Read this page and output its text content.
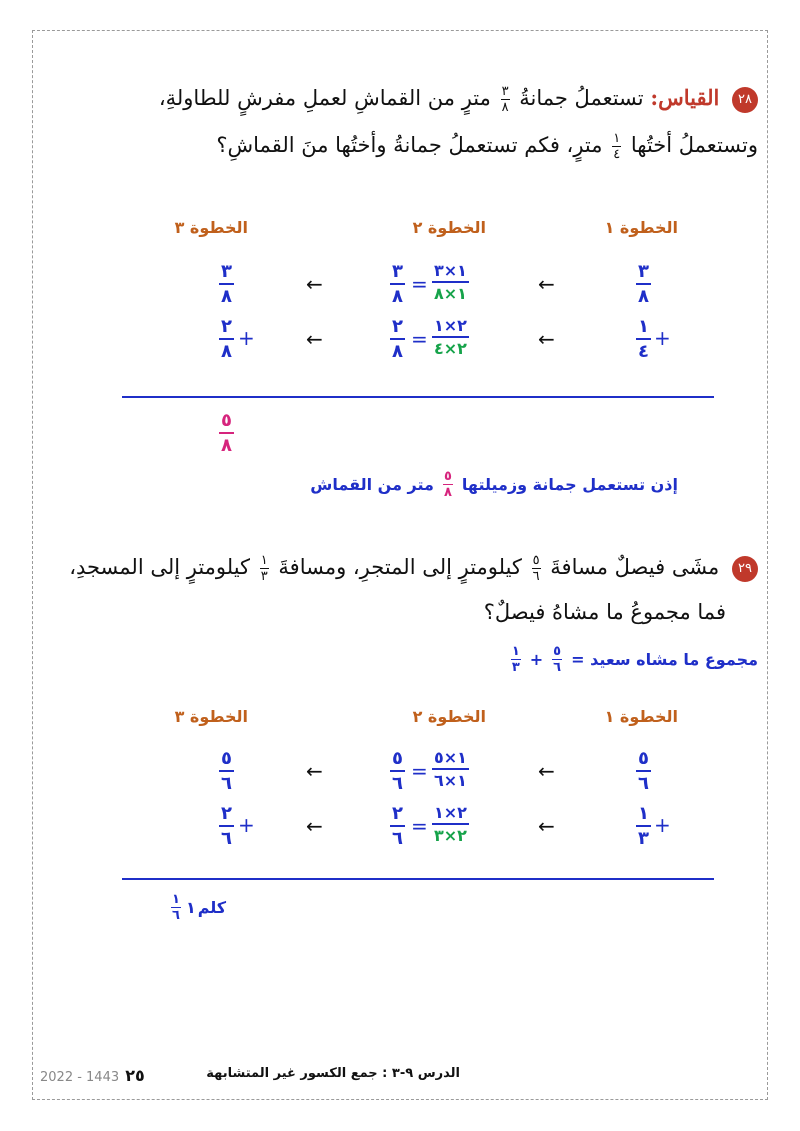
٢٨ القياس: تستعملُ جمانةُ
$\frac{٣}{٨}$
مترٍ من القماشِ لعملِ مفرشٍ للطاولةِ،
وتستعملُ أختُها
$\frac{١}{٤}$
مترٍ، فكم تستعملُ جمانةُ وأختُها منَ القماشِ؟
الخطوة ١
الخطوة ٢
الخطوة ٣
٣
٨
←
٣
٨
=
١×٣
١×٨
←
٣
٨
١
٤
+
←
٢
٨
=
٢×١
٢×٤
←
٢
٨
+
٥
٨
إذن تستعمل جمانة وزميلتها
$\frac{٥}{٨}$
متر من القماش
٢٩ مشَى فيصلٌ مسافةَ
$\frac{٥}{٦}$
كيلومترٍ إلى المتجرِ، ومسافةَ
$\frac{١}{٣}$
كيلومترٍ إلى المسجدِ،
فما مجموعُ ما مشاهُ فيصلٌ؟
مجموع ما مشاه سعيد =
$\frac{٥}{٦}$
+
$\frac{١}{٣}$
الخطوة ١
الخطوة ٢
الخطوة ٣
٥
٦
←
٥
٦
=
١×٥
١×٦
←
٥
٦
١
٣
+
←
٢
٦
=
٢×١
٢×٣
←
٢
٦
+
$\frac{١}{٦}$ ١ كلم
2022 - 1443 ٢٥	الدرس ٩-٣ : جمع الكسور غير المتشابهة
